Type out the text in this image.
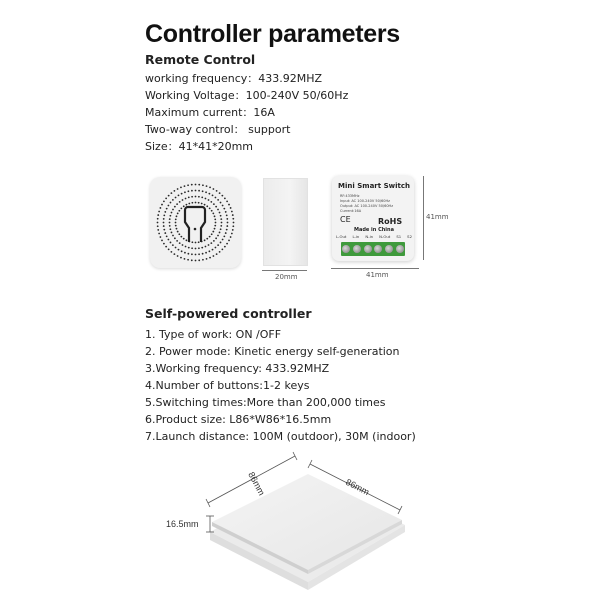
Controller parameters
Remote Control
working frequency：433.92MHZ
Working Voltage：100-240V 50/60Hz
Maximum current：16A
Two-way control： support
Size：41*41*20mm
20mm
Mini Smart Switch
RF:433MHz
Input: AC 100-240V 50/60Hz
Output: AC 100-240V 50/60Hz
Current:16A
CE	RoHS
Made in China
L-Out L-in N-in N-Out S1 S2
41mm
41mm
Self-powered controller
1. Type of work: ON /OFF
2. Power mode: Kinetic energy self-generation
3.Working frequency: 433.92MHZ
4.Number of buttons:1-2 keys
5.Switching times:More than 200,000 times
6.Product size: L86*W86*16.5mm
7.Launch distance: 100M (outdoor), 30M (indoor)
86mm	86mm
16.5mm
